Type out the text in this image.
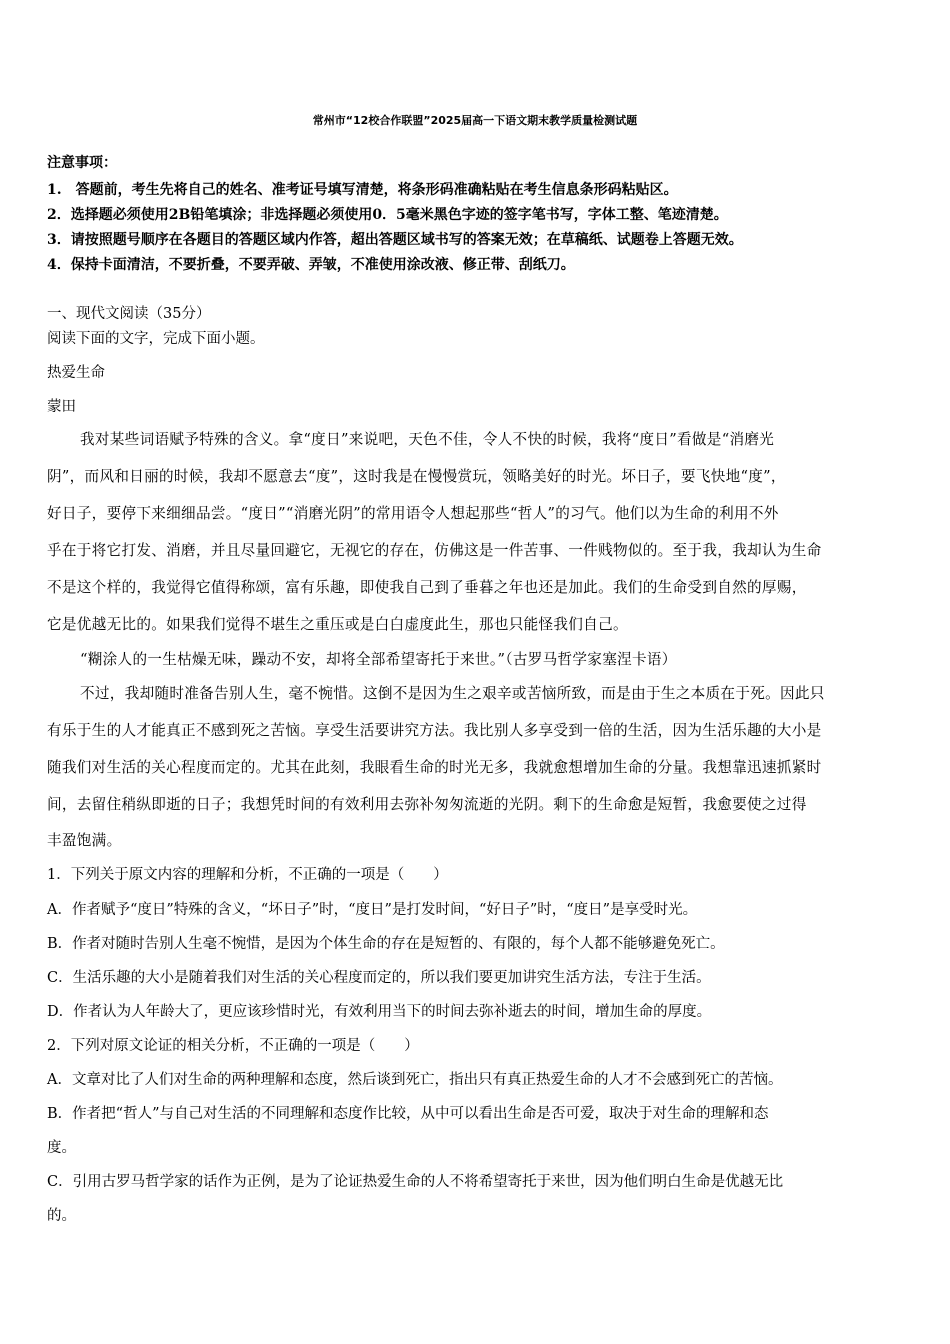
常州市“12校合作联盟”2025届高一下语文期末教学质量检测试题
注意事项：
1.　答题前，考生先将自己的姓名、准考证号填写清楚，将条形码准确粘贴在考生信息条形码粘贴区。
2．选择题必须使用2B铅笔填涂；非选择题必须使用0．5毫米黑色字迹的签字笔书写，字体工整、笔迹清楚。
3．请按照题号顺序在各题目的答题区域内作答，超出答题区域书写的答案无效；在草稿纸、试题卷上答题无效。
4．保持卡面清洁，不要折叠，不要弄破、弄皱，不准使用涂改液、修正带、刮纸刀。
一、现代文阅读（35分）
阅读下面的文字，完成下面小题。
热爱生命
蒙田
我对某些词语赋予特殊的含义。拿“度日”来说吧，天色不佳，令人不快的时候，我将“度日”看做是“消磨光
阴”，而风和日丽的时候，我却不愿意去“度”，这时我是在慢慢赏玩，领略美好的时光。坏日子，要飞快地“度”，
好日子，要停下来细细品尝。“度日”“消磨光阴”的常用语令人想起那些“哲人”的习气。他们以为生命的利用不外
乎在于将它打发、消磨，并且尽量回避它，无视它的存在，仿佛这是一件苦事、一件贱物似的。至于我，我却认为生命
不是这个样的，我觉得它值得称颂，富有乐趣，即使我自己到了垂暮之年也还是加此。我们的生命受到自然的厚赐，
它是优越无比的。如果我们觉得不堪生之重压或是白白虚度此生，那也只能怪我们自己。
“糊涂人的一生枯燥无味，躁动不安，却将全部希望寄托于来世。”（古罗马哲学家塞涅卡语）
不过，我却随时准备告别人生，毫不惋惜。这倒不是因为生之艰辛或苦恼所致，而是由于生之本质在于死。因此只
有乐于生的人才能真正不感到死之苦恼。享受生活要讲究方法。我比别人多享受到一倍的生活，因为生活乐趣的大小是
随我们对生活的关心程度而定的。尤其在此刻，我眼看生命的时光无多，我就愈想增加生命的分量。我想靠迅速抓紧时
间，去留住稍纵即逝的日子；我想凭时间的有效利用去弥补匆匆流逝的光阴。剩下的生命愈是短暂，我愈要使之过得
丰盈饱满。
1．下列关于原文内容的理解和分析，不正确的一项是（　　）
A．作者赋予“度日”特殊的含义，“坏日子”时，“度日”是打发时间，“好日子”时，“度日”是享受时光。
B．作者对随时告别人生毫不惋惜，是因为个体生命的存在是短暂的、有限的，每个人都不能够避免死亡。
C．生活乐趣的大小是随着我们对生活的关心程度而定的，所以我们要更加讲究生活方法，专注于生活。
D．作者认为人年龄大了，更应该珍惜时光，有效利用当下的时间去弥补逝去的时间，增加生命的厚度。
2．下列对原文论证的相关分析，不正确的一项是（　　）
A．文章对比了人们对生命的两种理解和态度，然后谈到死亡，指出只有真正热爱生命的人才不会感到死亡的苦恼。
B．作者把“哲人”与自己对生活的不同理解和态度作比较，从中可以看出生命是否可爱，取决于对生命的理解和态
度。
C．引用古罗马哲学家的话作为正例，是为了论证热爱生命的人不将希望寄托于来世，因为他们明白生命是优越无比
的。
